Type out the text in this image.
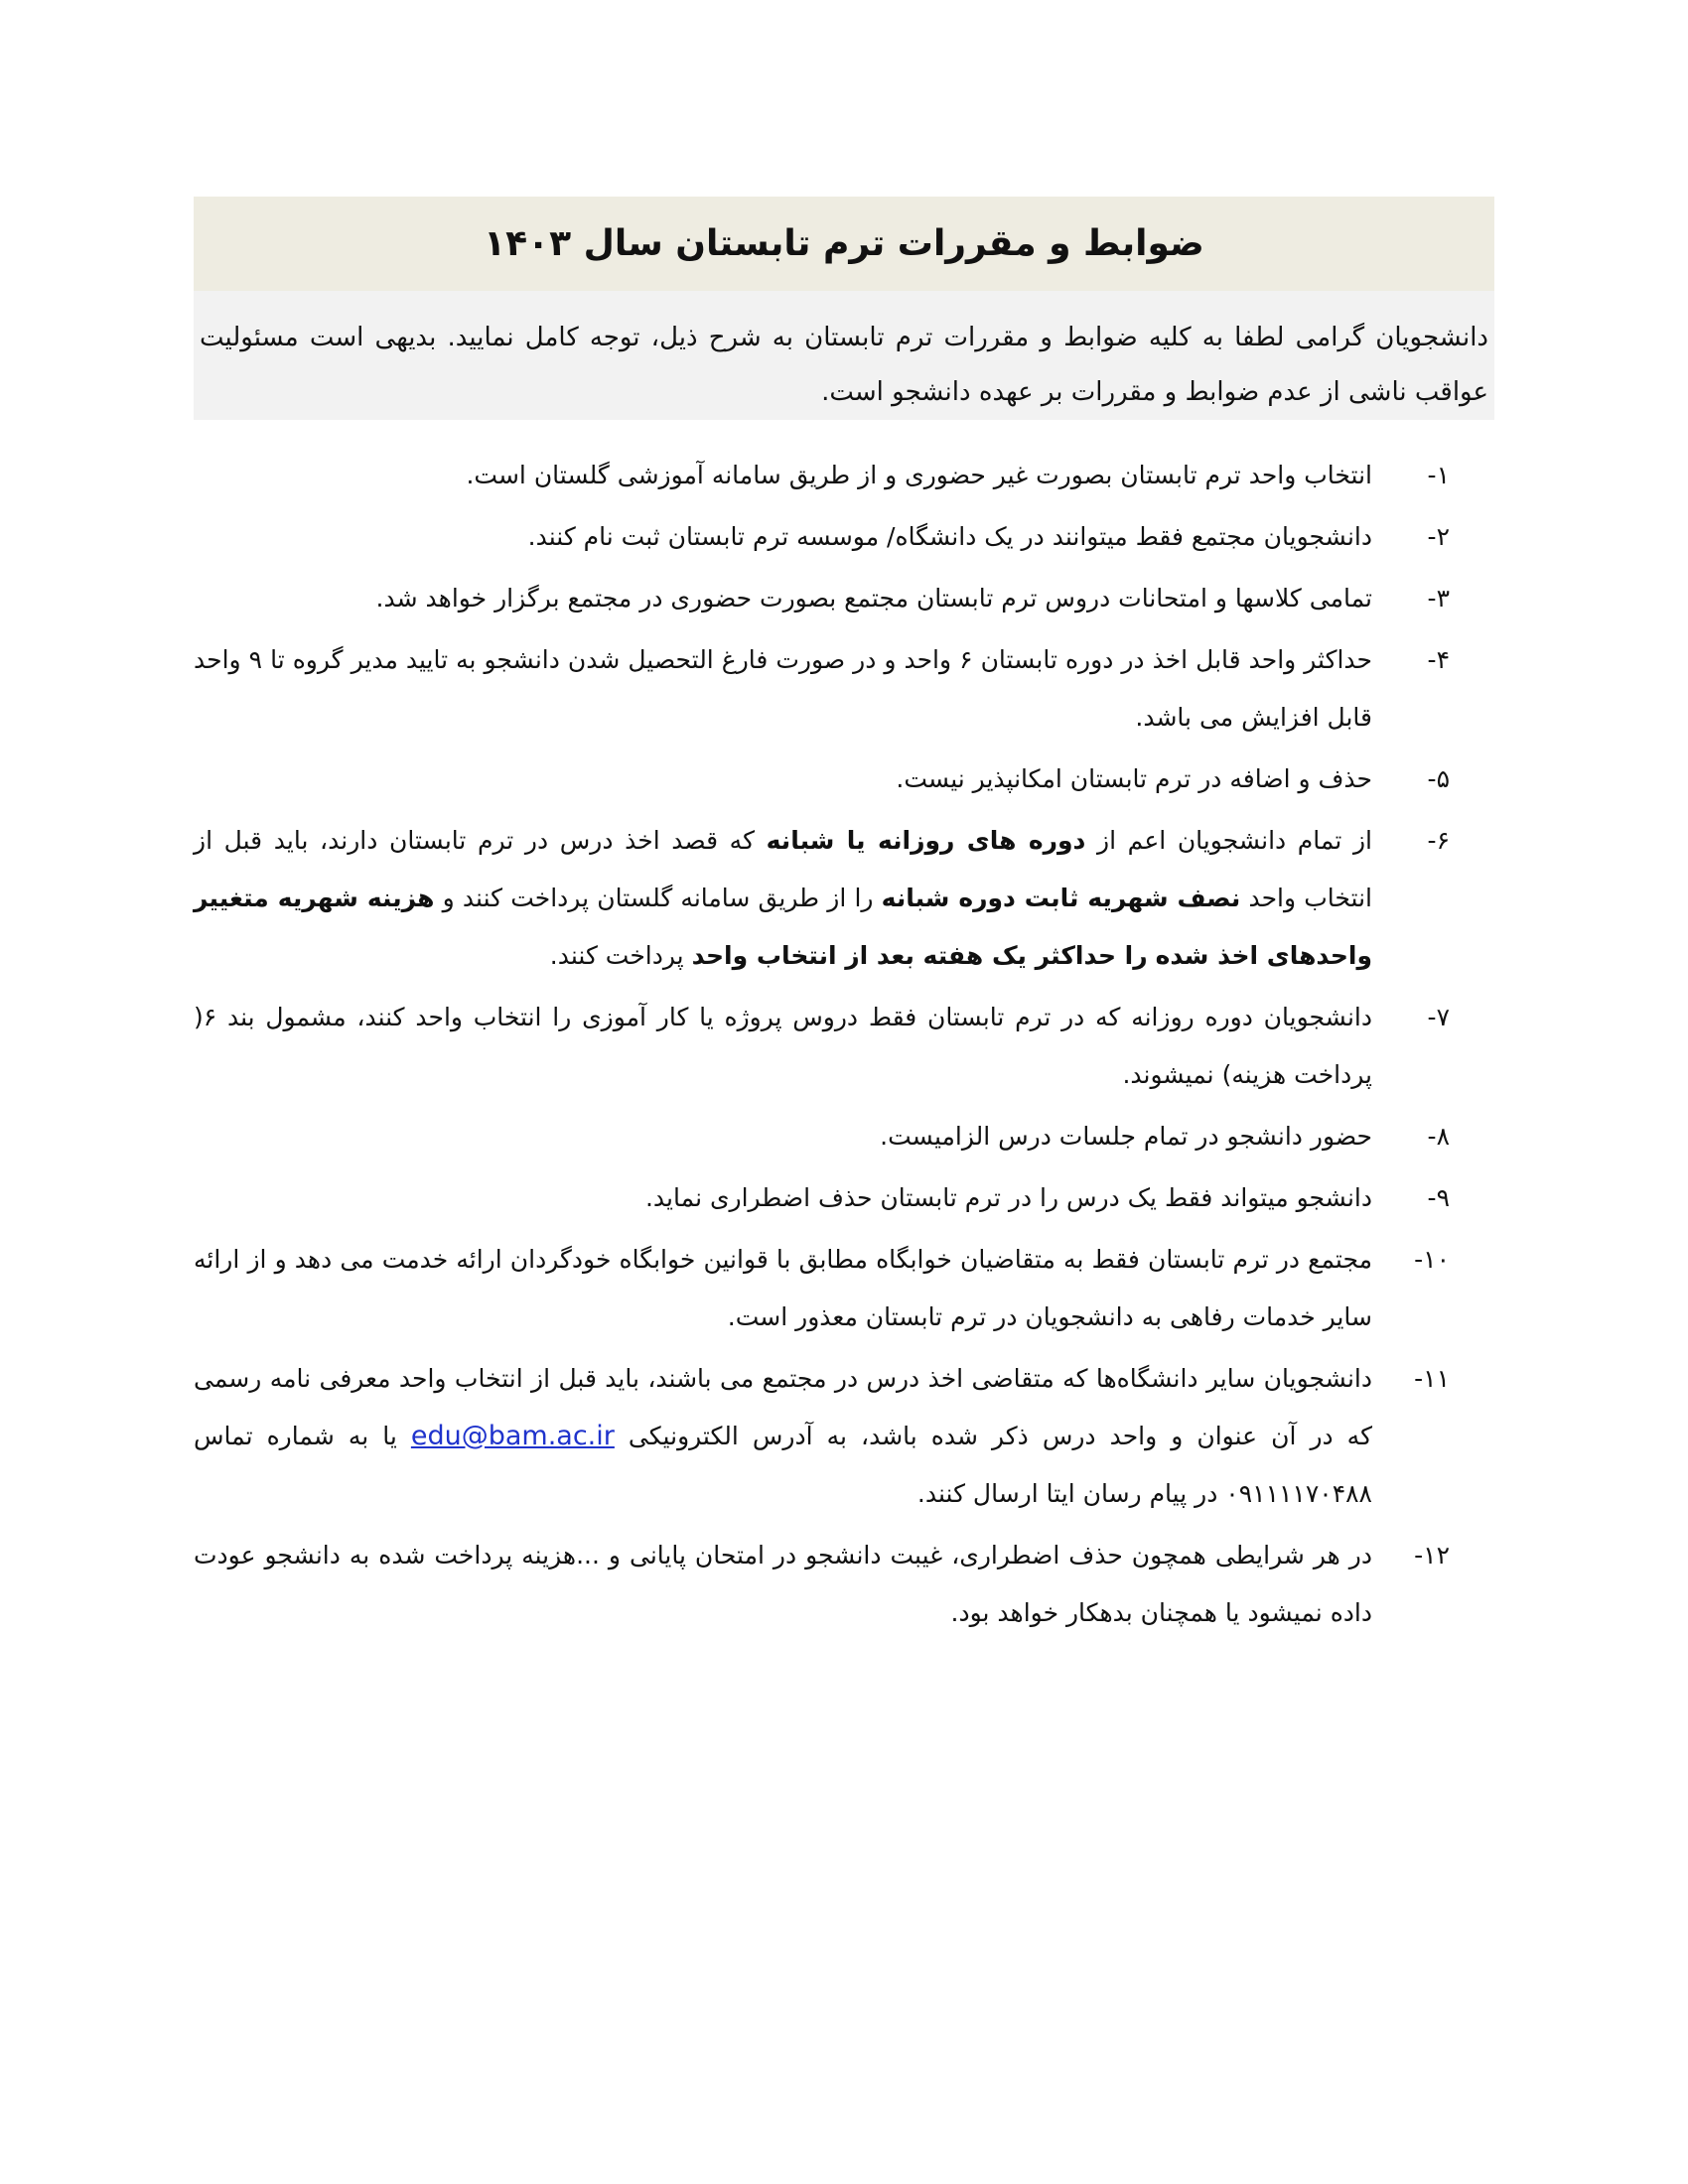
ضوابط و مقررات ترم تابستان سال ۱۴۰۳

دانشجویان گرامی لطفا به کلیه ضوابط و مقررات ترم تابستان به شرح ذیل، توجه کامل نمایید. بدیهی است مسئولیت عواقب ناشی از عدم ضوابط و مقررات بر عهده دانشجو است.

۱-
انتخاب واحد ترم تابستان بصورت غیر حضوری و از طریق سامانه آموزشی گلستان است.
۲-
دانشجویان مجتمع فقط میتوانند در یک دانشگاه/ موسسه ترم تابستان ثبت نام کنند.
۳-
تمامی کلاسها و امتحانات دروس ترم تابستان مجتمع بصورت حضوری در مجتمع برگزار خواهد شد.
۴-
حداکثر واحد قابل اخذ در دوره تابستان ۶ واحد و در صورت فارغ التحصیل شدن دانشجو به تایید مدیر گروه تا ۹ واحد قابل افزایش می باشد.
۵-
حذف و اضافه در ترم تابستان امکانپذیر نیست.
۶-
از تمام دانشجویان اعم از دوره های روزانه یا شبانه که قصد اخذ درس در ترم تابستان دارند، باید قبل از انتخاب واحد نصف شهریه ثابت دوره شبانه را از طریق سامانه گلستان پرداخت کنند و هزینه شهریه متغییر واحدهای اخذ شده را حداکثر یک هفته بعد از انتخاب واحد پرداخت کنند.
۷-
دانشجویان دوره روزانه که در ترم تابستان فقط دروس پروژه یا کار آموزی را انتخاب واحد کنند، مشمول بند ۶( پرداخت هزینه) نمیشوند.
۸-
حضور دانشجو در تمام جلسات درس الزامیست.
۹-
دانشجو میتواند فقط یک درس را در ترم تابستان حذف اضطراری نماید.
۱۰-
مجتمع در ترم تابستان فقط به متقاضیان خوابگاه مطابق با قوانین خوابگاه خودگردان ارائه خدمت می دهد و از ارائه سایر خدمات رفاهی به دانشجویان در ترم تابستان معذور است.
۱۱-
دانشجویان سایر دانشگاه‌ها که متقاضی اخذ درس در مجتمع می باشند، باید قبل از انتخاب واحد معرفی نامه رسمی که در آن عنوان و واحد درس ذکر شده باشد، به آدرس الکترونیکی edu@bam.ac.ir یا به شماره تماس ۰۹۱۱۱۱۷۰۴۸۸ در پیام رسان ایتا ارسال کنند.
۱۲-
در هر شرایطی همچون حذف اضطراری، غیبت دانشجو در امتحان پایانی و ...هزینه پرداخت شده به دانشجو عودت داده نمیشود یا همچنان بدهکار خواهد بود.
